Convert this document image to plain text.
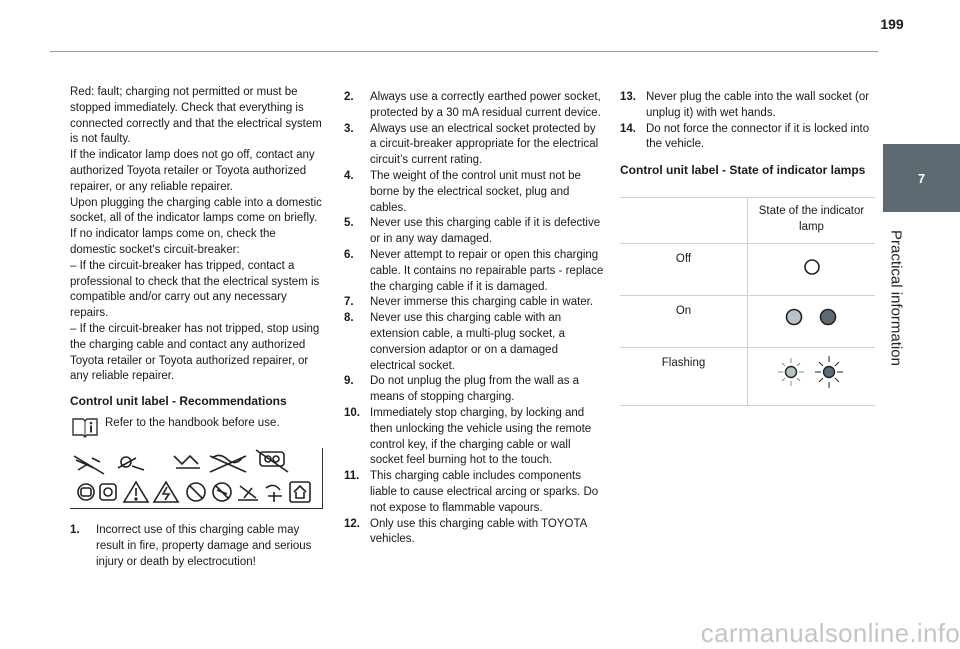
199
7
Practical information

Red: fault; charging not permitted or must be stopped immediately. Check that everything is connected correctly and that the electrical system is not faulty.

If the indicator lamp does not go off, contact any authorized Toyota retailer or Toyota authorized repairer, or any reliable repairer.

Upon plugging the charging cable into a domestic socket, all of the indicator lamps come on briefly.

If no indicator lamps come on, check the domestic socket's circuit-breaker:

– If the circuit-breaker has tripped, contact a professional to check that the electrical system is compatible and/or carry out any necessary repairs.

– If the circuit-breaker has not tripped, stop using the charging cable and contact any authorized Toyota retailer or Toyota authorized repairer, or any reliable repairer.

Control unit label - Recommendations
Refer to the handbook before use.
1.	Incorrect use of this charging cable may result in fire, property damage and serious injury or death by electrocution!
2.	Always use a correctly earthed power socket, protected by a 30 mA residual current device.
3.	Always use an electrical socket protected by a circuit-breaker appropriate for the electrical circuit’s current rating.
4.	The weight of the control unit must not be borne by the electrical socket, plug and cables.
5.	Never use this charging cable if it is defective or in any way damaged.
6.	Never attempt to repair or open this charging cable. It contains no repairable parts - replace the charging cable if it is damaged.
7.	Never immerse this charging cable in water.
8.	Never use this charging cable with an extension cable, a multi-plug socket, a conversion adaptor or on a damaged electrical socket.
9.	Do not unplug the plug from the wall as a means of stopping charging.
10. Immediately stop charging, by locking and then unlocking the vehicle using the remote control key, if the charging cable or wall socket feel burning hot to the touch.
11. This charging cable includes components liable to cause electrical arcing or sparks. Do not expose to flammable vapours.
12. Only use this charging cable with TOYOTA vehicles.
13. Never plug the cable into the wall socket (or unplug it) with wet hands.
14. Do not force the connector if it is locked into the vehicle.
Control unit label - State of indicator lamps
	State of the indicator lamp
Off	
On	
Flashing	
carmanualsonline.info
